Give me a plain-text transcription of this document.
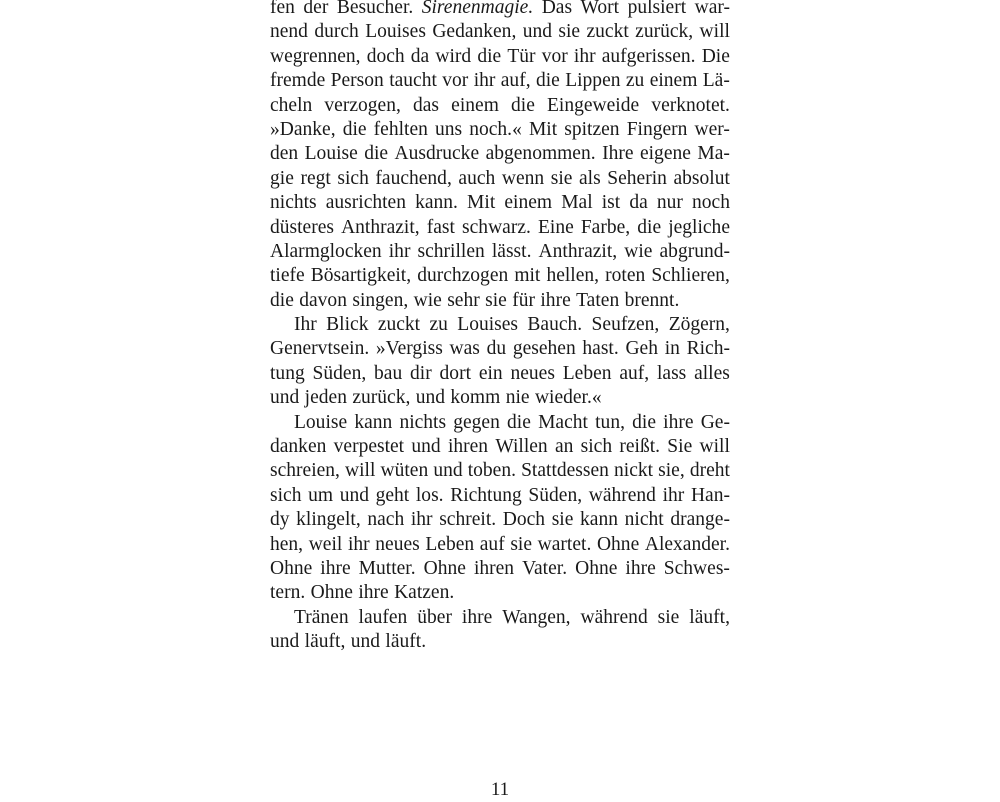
fen der Besucher. Sirenenmagie. Das Wort pulsiert war-
nend durch Louises Gedanken, und sie zuckt zurück, will
wegrennen, doch da wird die Tür vor ihr aufgerissen. Die
fremde Person taucht vor ihr auf, die Lippen zu einem Lä-
cheln verzogen, das einem die Eingeweide verknotet.
»Danke, die fehlten uns noch.« Mit spitzen Fingern wer-
den Louise die Ausdrucke abgenommen. Ihre eigene Ma-
gie regt sich fauchend, auch wenn sie als Seherin absolut
nichts ausrichten kann. Mit einem Mal ist da nur noch
düsteres Anthrazit, fast schwarz. Eine Farbe, die jegliche
Alarmglocken ihr schrillen lässt. Anthrazit, wie abgrund-
tiefe Bösartigkeit, durchzogen mit hellen, roten Schlieren,
die davon singen, wie sehr sie für ihre Taten brennt.
Ihr Blick zuckt zu Louises Bauch. Seufzen, Zögern,
Genervtsein. »Vergiss was du gesehen hast. Geh in Rich-
tung Süden, bau dir dort ein neues Leben auf, lass alles
und jeden zurück, und komm nie wieder.«
Louise kann nichts gegen die Macht tun, die ihre Ge-
danken verpestet und ihren Willen an sich reißt. Sie will
schreien, will wüten und toben. Stattdessen nickt sie, dreht
sich um und geht los. Richtung Süden, während ihr Han-
dy klingelt, nach ihr schreit. Doch sie kann nicht drange-
hen, weil ihr neues Leben auf sie wartet. Ohne Alexander.
Ohne ihre Mutter. Ohne ihren Vater. Ohne ihre Schwes-
tern. Ohne ihre Katzen.
Tränen laufen über ihre Wangen, während sie läuft,
und läuft, und läuft.
11
